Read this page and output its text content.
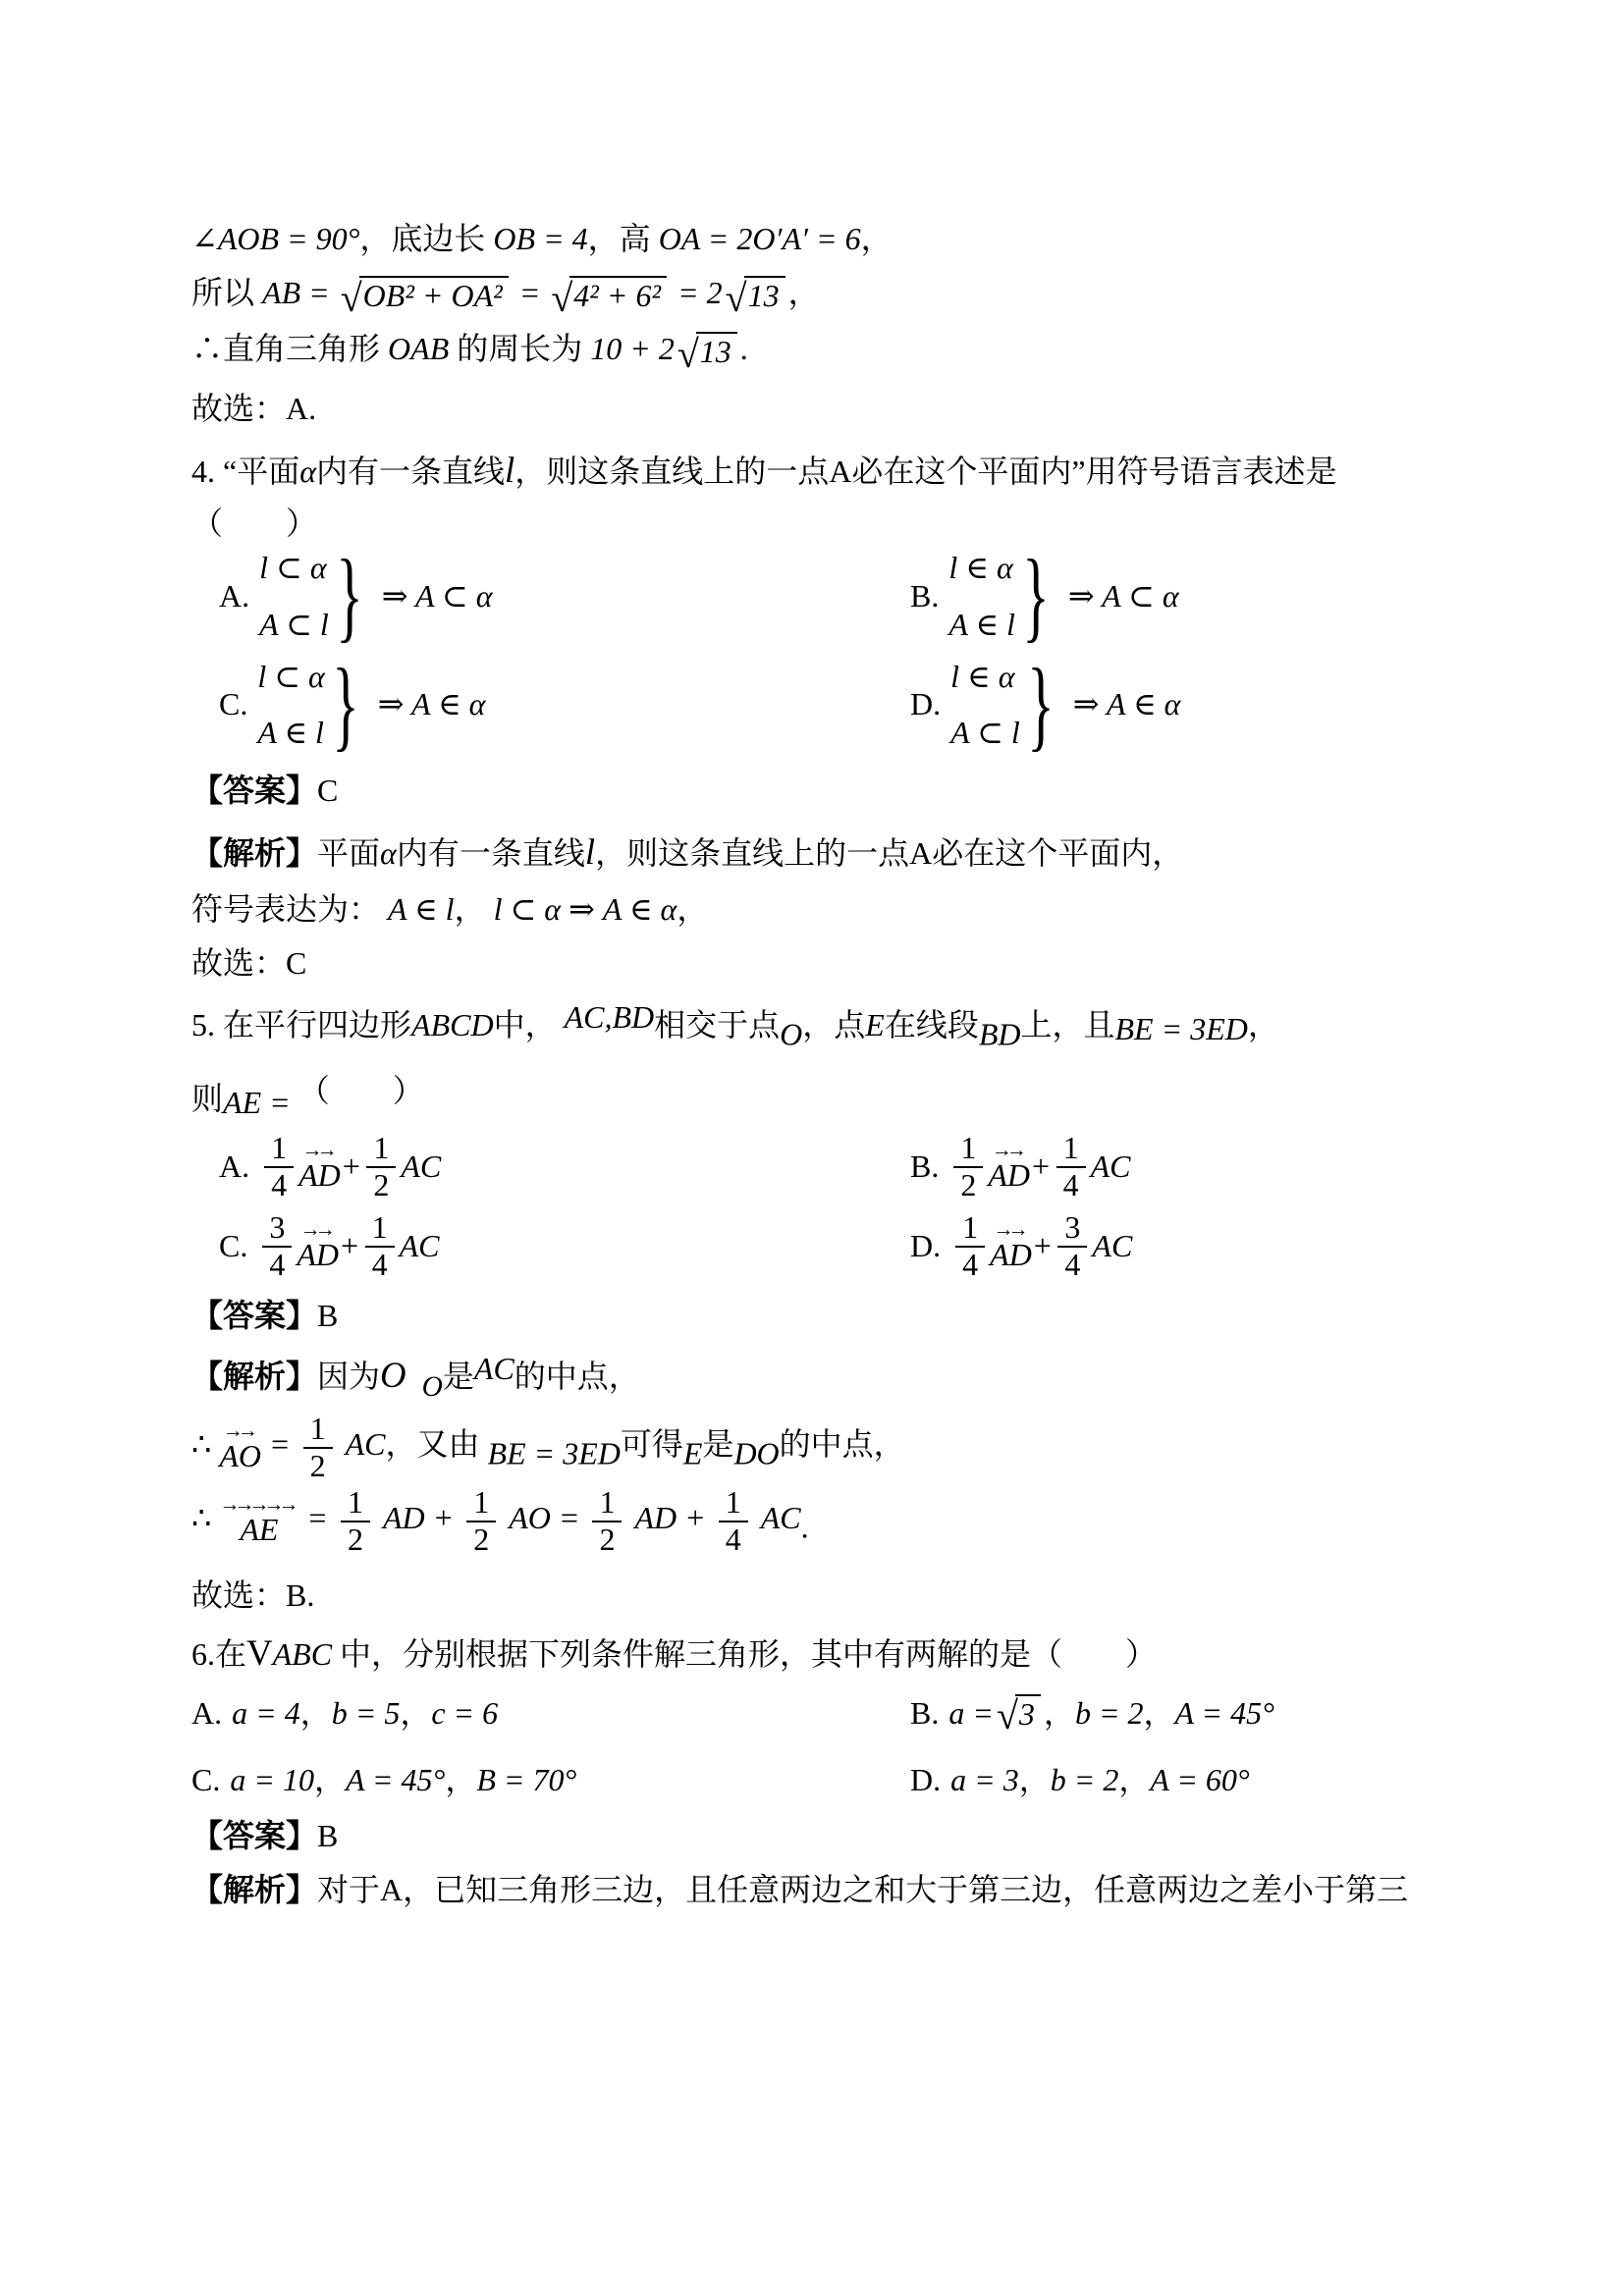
∠AOB = 90°，底边长 OB = 4，高 OA = 2O′A′ = 6，
所以 AB = √ OB² + OA² = √ 4² + 6² = 2 √ 13 ，
∴直角三角形 OAB 的周长为 10 + 2 √ 13 .
故选：A.
4. “平面α内有一条直线l，则这条直线上的一点A必在这个平面内”用符号语言表述是
（　　）
A.
l ⊂ α
A ⊂ l } ⇒ A ⊂ α	B.
l ∈ α
A ∈ l } ⇒ A ⊂ α
C.
l ⊂ α
A ∈ l } ⇒ A ∈ α	D.
l ∈ α
A ⊂ l } ⇒ A ∈ α
【答案】C
【解析】平面α内有一条直线l，则这条直线上的一点A必在这个平面内，
符号表达为： A ∈ l， l ⊂ α ⇒ A ∈ α，
故选：C
5. 在平行四边形ABCD中， AC,BD相交于点O，点E在线段BD上，且BE = 3ED，
则AE = （　　）
A. $\frac{1}{4}$ →→
AD + $\frac{1}{2}$ AC	B. $\frac{1}{2}$ →→
AD + $\frac{1}{4}$ AC
C. $\frac{3}{4}$ →→
AD + $\frac{1}{4}$ AC	D. $\frac{1}{4}$ →→
AD + $\frac{3}{4}$ AC
【答案】B
【解析】因为O O是AC的中点，
∴ →→
AO = $\frac{1}{2}$ AC，又由 BE = 3ED可得E是DO的中点，
∴ →→→→→
AE = $\frac{1}{2}$ AD + $\frac{1}{2}$ AO = $\frac{1}{2}$ AD + $\frac{1}{4}$ AC.
故选：B.
6.在VABC 中，分别根据下列条件解三角形，其中有两解的是（　　）
A. a = 4 ， b = 5 ， c = 6	B. a = √ 3 ， b = 2 ， A = 45°
C. a = 10 ， A = 45° ， B = 70°	D. a = 3 ， b = 2 ， A = 60°
【答案】B
【解析】对于A，已知三角形三边，且任意两边之和大于第三边，任意两边之差小于第三
